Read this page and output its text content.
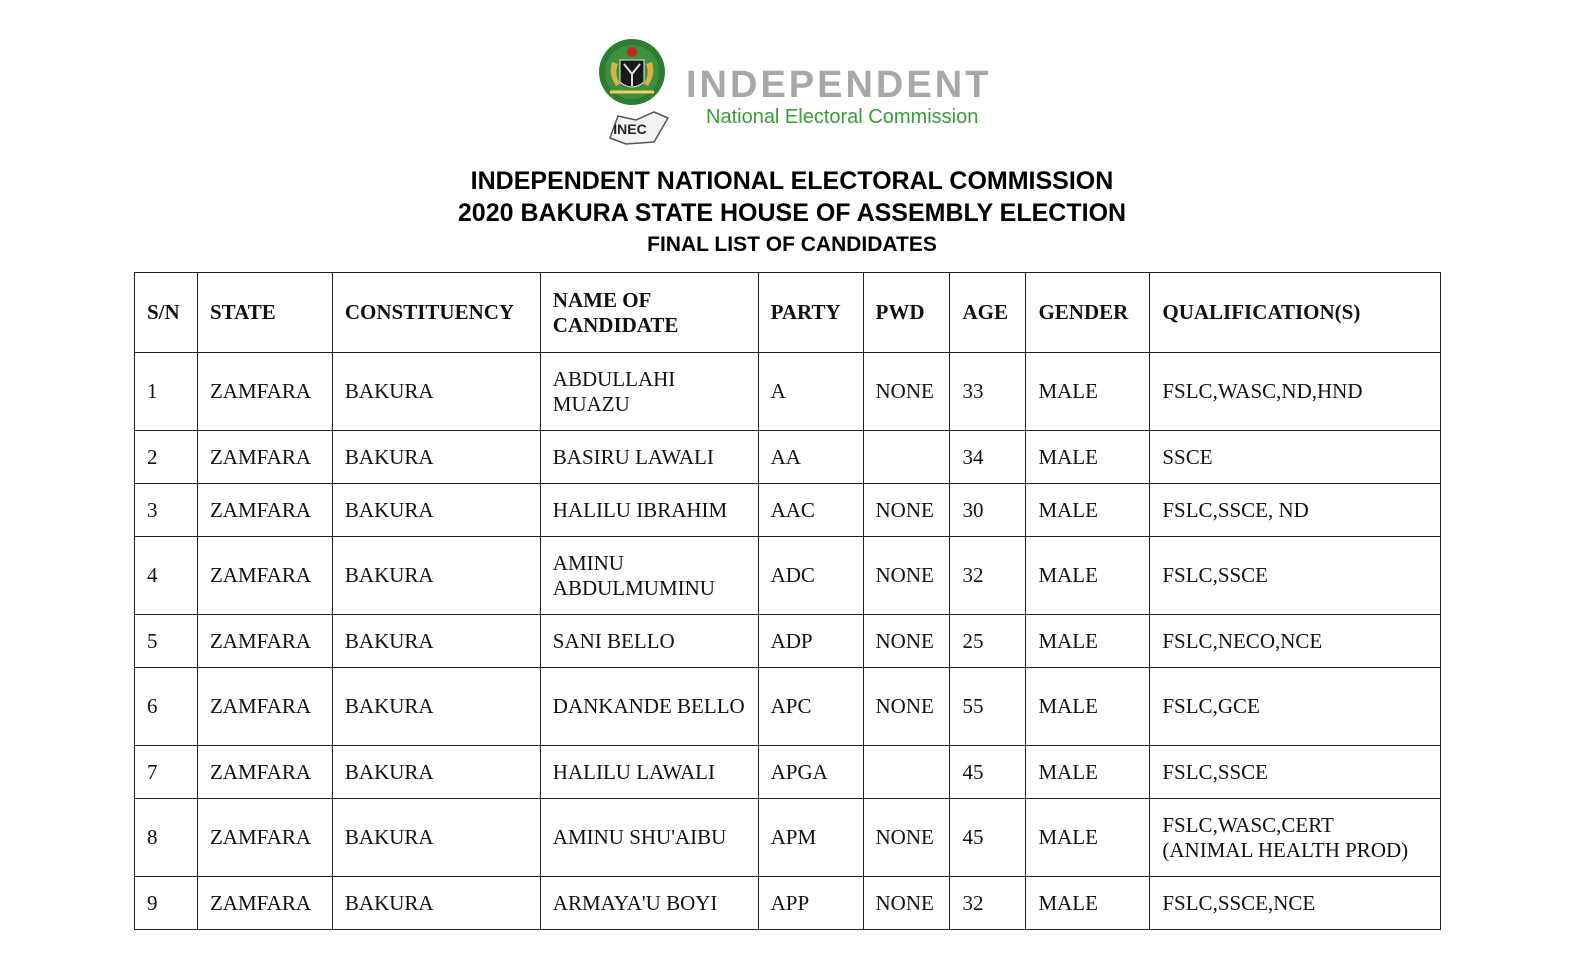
INEC
INDEPENDENT
National Electoral Commission
INDEPENDENT NATIONAL ELECTORAL COMMISSION
2020 BAKURA STATE HOUSE OF ASSEMBLY ELECTION
FINAL LIST OF CANDIDATES
S/N	STATE	CONSTITUENCY	NAME OF CANDIDATE	PARTY	PWD	AGE	GENDER	QUALIFICATION(S)
1	ZAMFARA	BAKURA	ABDULLAHI MUAZU	A	NONE	33	MALE	FSLC,WASC,ND,HND
2	ZAMFARA	BAKURA	BASIRU LAWALI	AA		34	MALE	SSCE
3	ZAMFARA	BAKURA	HALILU IBRAHIM	AAC	NONE	30	MALE	FSLC,SSCE, ND
4	ZAMFARA	BAKURA	AMINU ABDULMUMINU	ADC	NONE	32	MALE	FSLC,SSCE
5	ZAMFARA	BAKURA	SANI BELLO	ADP	NONE	25	MALE	FSLC,NECO,NCE
6	ZAMFARA	BAKURA	DANKANDE BELLO	APC	NONE	55	MALE	FSLC,GCE
7	ZAMFARA	BAKURA	HALILU LAWALI	APGA		45	MALE	FSLC,SSCE
8	ZAMFARA	BAKURA	AMINU SHU'AIBU	APM	NONE	45	MALE	FSLC,WASC,CERT (ANIMAL HEALTH PROD)
9	ZAMFARA	BAKURA	ARMAYA'U BOYI	APP	NONE	32	MALE	FSLC,SSCE,NCE
